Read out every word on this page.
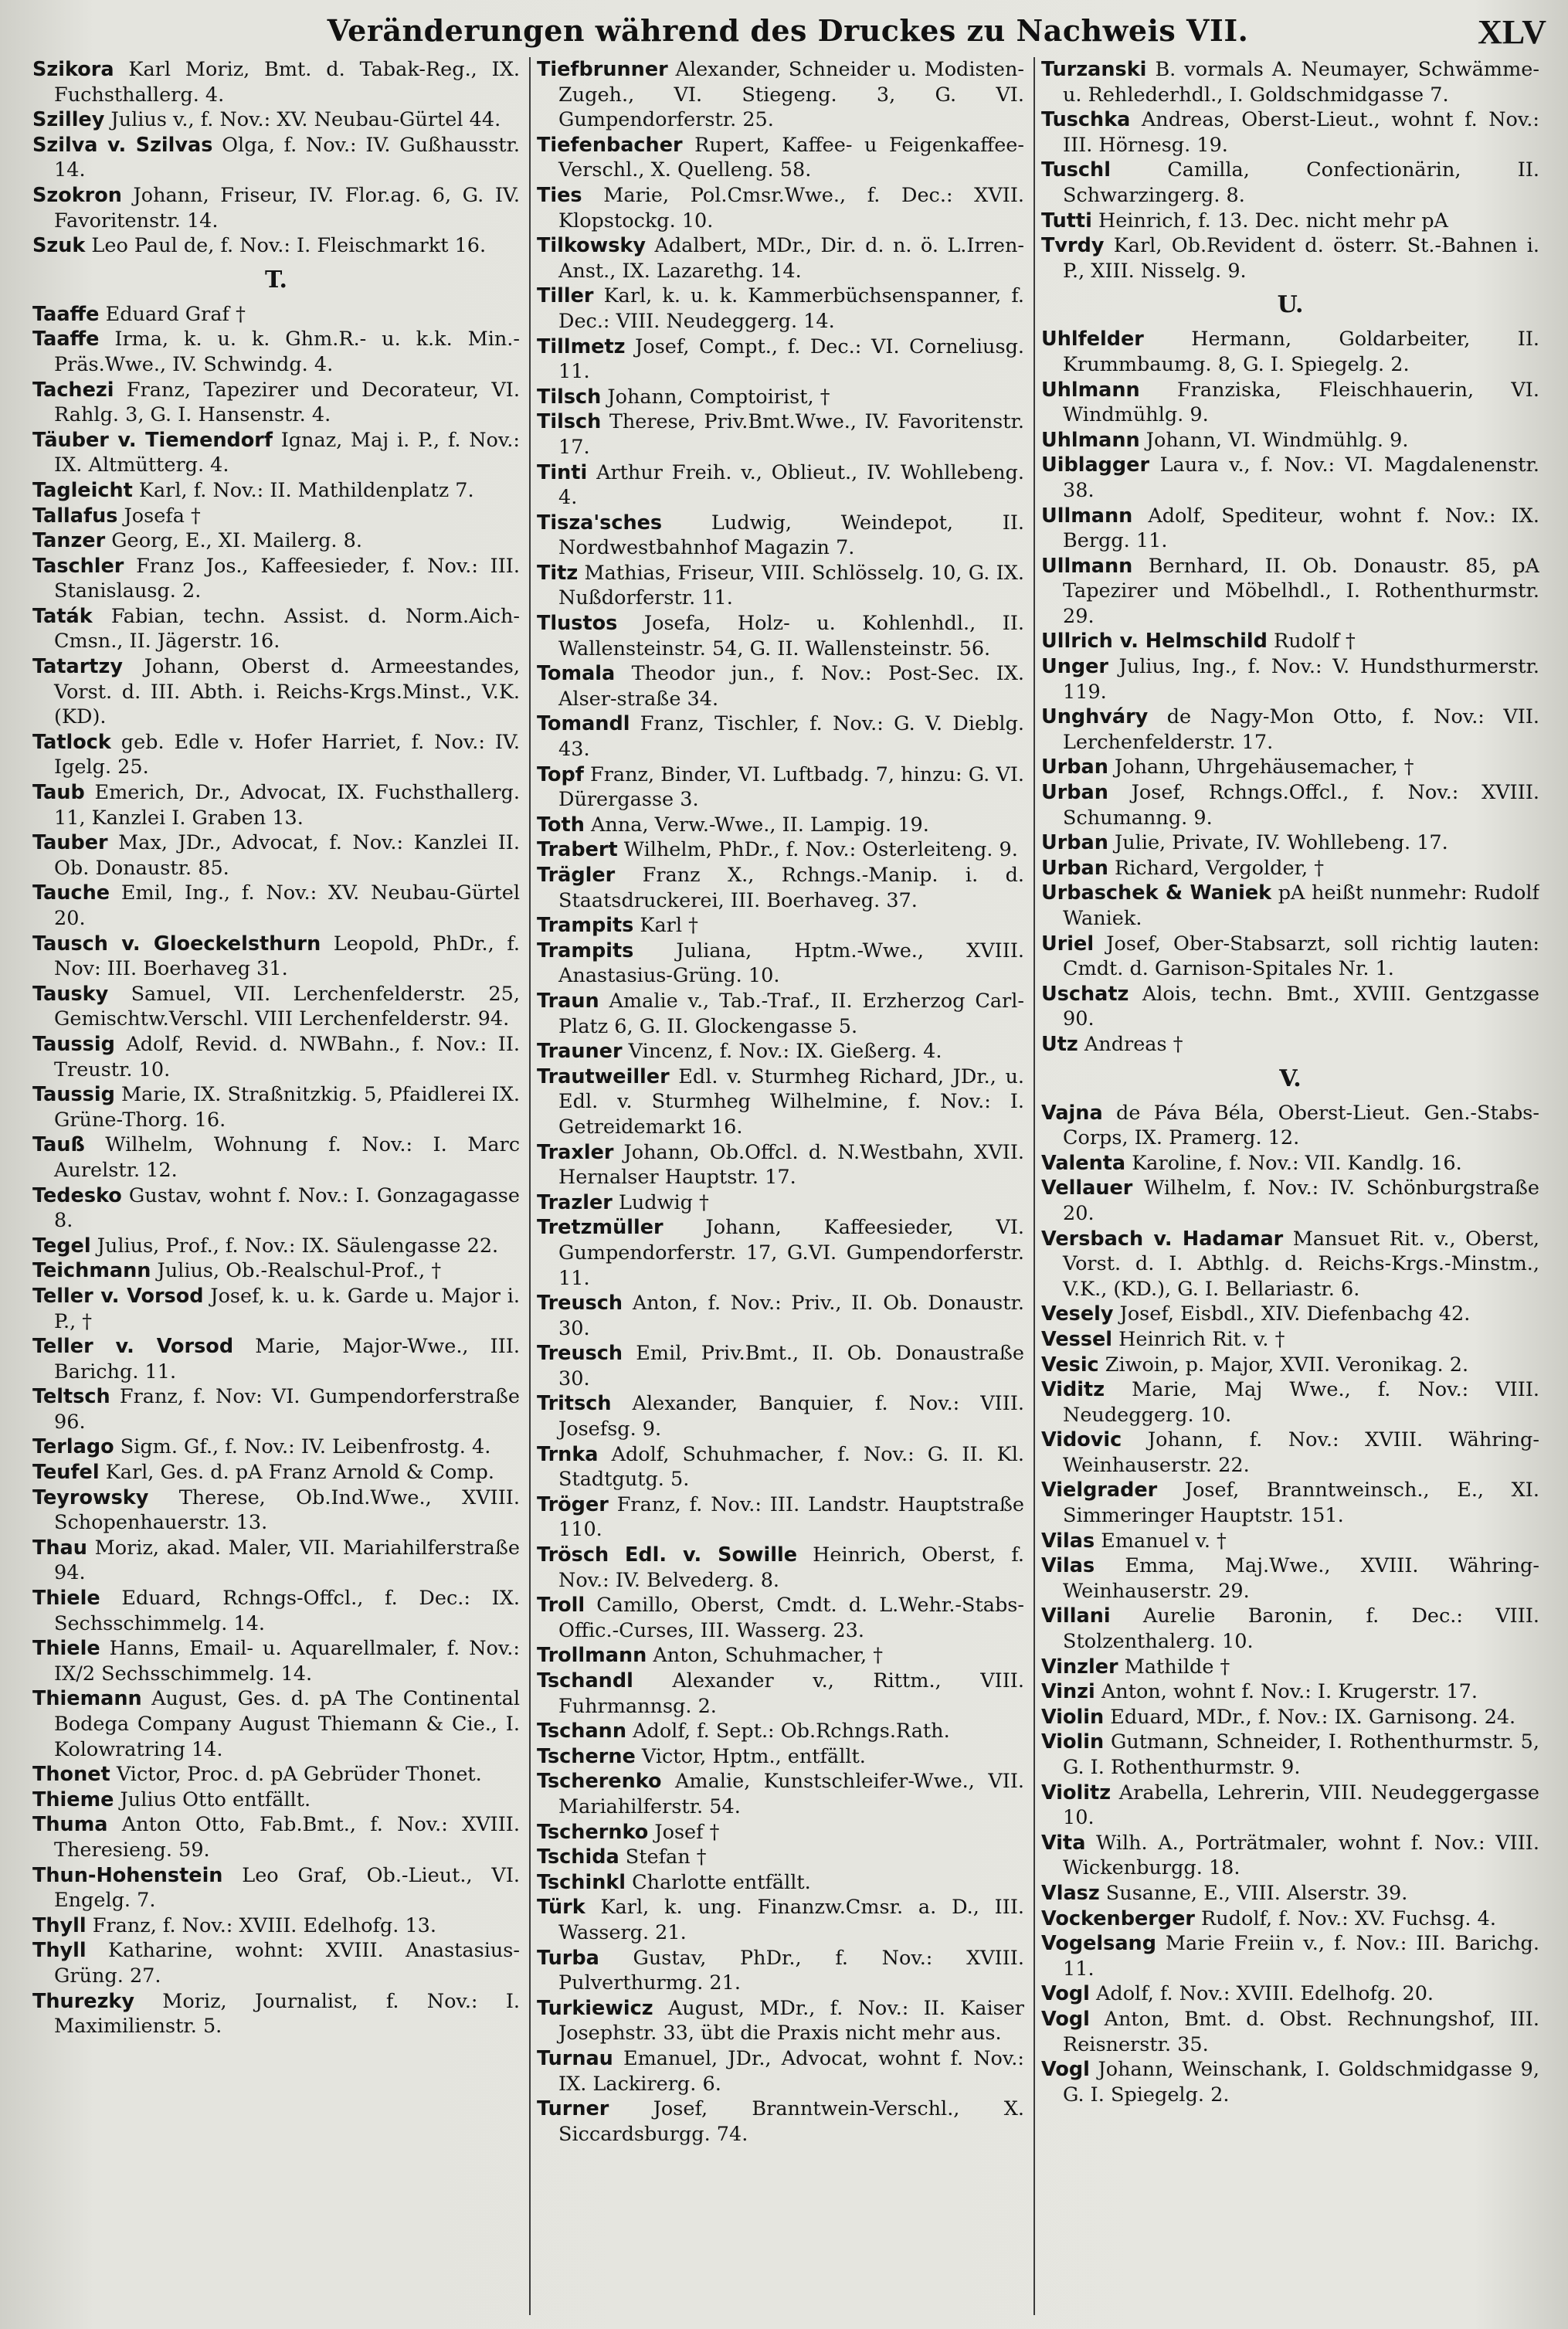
Veränderungen während des Druckes zu Nachweis VII.	XLV
Szikora Karl Moriz, Bmt. d. Tabak-Reg., IX. Fuchsthallerg. 4.
Szilley Julius v., f. Nov.: XV. Neubau-Gürtel 44.
Szilva v. Szilvas Olga, f. Nov.: IV. Gußhausstr. 14.
Szokron Johann, Friseur, IV. Flor.ag. 6, G. IV. Favoritenstr. 14.
Szuk Leo Paul de, f. Nov.: I. Fleischmarkt 16.
T.
Taaffe Eduard Graf †
Taaffe Irma, k. u. k. Ghm.R.- u. k.k. Min.-Präs.Wwe., IV. Schwindg. 4.
Tachezi Franz, Tapezirer und Decorateur, VI. Rahlg. 3, G. I. Hansenstr. 4.
Täuber v. Tiemendorf Ignaz, Maj i. P., f. Nov.: IX. Altmütterg. 4.
Tagleicht Karl, f. Nov.: II. Mathildenplatz 7.
Tallafus Josefa †
Tanzer Georg, E., XI. Mailerg. 8.
Taschler Franz Jos., Kaffeesieder, f. Nov.: III. Stanislausg. 2.
Taták Fabian, techn. Assist. d. Norm.Aich-Cmsn., II. Jägerstr. 16.
Tatartzy Johann, Oberst d. Armeestandes, Vorst. d. III. Abth. i. Reichs-Krgs.Minst., V.K. (KD).
Tatlock geb. Edle v. Hofer Harriet, f. Nov.: IV. Igelg. 25.
Taub Emerich, Dr., Advocat, IX. Fuchsthallerg. 11, Kanzlei I. Graben 13.
Tauber Max, JDr., Advocat, f. Nov.: Kanzlei II. Ob. Donaustr. 85.
Tauche Emil, Ing., f. Nov.: XV. Neubau-Gürtel 20.
Tausch v. Gloeckelsthurn Leopold, PhDr., f. Nov: III. Boerhaveg 31.
Tausky Samuel, VII. Lerchenfelderstr. 25, Gemischtw.Verschl. VIII Lerchenfelderstr. 94.
Taussig Adolf, Revid. d. NWBahn., f. Nov.: II. Treustr. 10.
Taussig Marie, IX. Straßnitzkig. 5, Pfaidlerei IX. Grüne-Thorg. 16.
Tauß Wilhelm, Wohnung f. Nov.: I. Marc Aurelstr. 12.
Tedesko Gustav, wohnt f. Nov.: I. Gonzagagasse 8.
Tegel Julius, Prof., f. Nov.: IX. Säulengasse 22.
Teichmann Julius, Ob.-Realschul-Prof., †
Teller v. Vorsod Josef, k. u. k. Garde u. Major i. P., †
Teller v. Vorsod Marie, Major-Wwe., III. Barichg. 11.
Teltsch Franz, f. Nov: VI. Gumpendorferstraße 96.
Terlago Sigm. Gf., f. Nov.: IV. Leibenfrostg. 4.
Teufel Karl, Ges. d. pA Franz Arnold & Comp.
Teyrowsky Therese, Ob.Ind.Wwe., XVIII. Schopenhauerstr. 13.
Thau Moriz, akad. Maler, VII. Mariahilferstraße 94.
Thiele Eduard, Rchngs-Offcl., f. Dec.: IX. Sechsschimmelg. 14.
Thiele Hanns, Email- u. Aquarellmaler, f. Nov.: IX/2 Sechsschimmelg. 14.
Thiemann August, Ges. d. pA The Continental Bodega Company August Thiemann & Cie., I. Kolowratring 14.
Thonet Victor, Proc. d. pA Gebrüder Thonet.
Thieme Julius Otto entfällt.
Thuma Anton Otto, Fab.Bmt., f. Nov.: XVIII. Theresieng. 59.
Thun-Hohenstein Leo Graf, Ob.-Lieut., VI. Engelg. 7.
Thyll Franz, f. Nov.: XVIII. Edelhofg. 13.
Thyll Katharine, wohnt: XVIII. Anastasius-Grüng. 27.
Thurezky Moriz, Journalist, f. Nov.: I. Maximilienstr. 5.
Tiefbrunner Alexander, Schneider u. Modisten-Zugeh., VI. Stiegeng. 3, G. VI. Gumpendorferstr. 25.
Tiefenbacher Rupert, Kaffee- u Feigenkaffee-Verschl., X. Quelleng. 58.
Ties Marie, Pol.Cmsr.Wwe., f. Dec.: XVII. Klopstockg. 10.
Tilkowsky Adalbert, MDr., Dir. d. n. ö. L.Irren-Anst., IX. Lazarethg. 14.
Tiller Karl, k. u. k. Kammerbüchsenspanner, f. Dec.: VIII. Neudeggerg. 14.
Tillmetz Josef, Compt., f. Dec.: VI. Corneliusg. 11.
Tilsch Johann, Comptoirist, †
Tilsch Therese, Priv.Bmt.Wwe., IV. Favoritenstr. 17.
Tinti Arthur Freih. v., Oblieut., IV. Wohllebeng. 4.
Tisza'sches Ludwig, Weindepot, II. Nordwestbahnhof Magazin 7.
Titz Mathias, Friseur, VIII. Schlösselg. 10, G. IX. Nußdorferstr. 11.
Tlustos Josefa, Holz- u. Kohlenhdl., II. Wallensteinstr. 54, G. II. Wallensteinstr. 56.
Tomala Theodor jun., f. Nov.: Post-Sec. IX. Alser-straße 34.
Tomandl Franz, Tischler, f. Nov.: G. V. Dieblg. 43.
Topf Franz, Binder, VI. Luftbadg. 7, hinzu: G. VI. Dürergasse 3.
Toth Anna, Verw.-Wwe., II. Lampig. 19.
Trabert Wilhelm, PhDr., f. Nov.: Osterleiteng. 9.
Trägler Franz X., Rchngs.-Manip. i. d. Staatsdruckerei, III. Boerhaveg. 37.
Trampits Karl †
Trampits Juliana, Hptm.-Wwe., XVIII. Anastasius-Grüng. 10.
Traun Amalie v., Tab.-Traf., II. Erzherzog Carl-Platz 6, G. II. Glockengasse 5.
Trauner Vincenz, f. Nov.: IX. Gießerg. 4.
Trautweiller Edl. v. Sturmheg Richard, JDr., u. Edl. v. Sturmheg Wilhelmine, f. Nov.: I. Getreidemarkt 16.
Traxler Johann, Ob.Offcl. d. N.Westbahn, XVII. Hernalser Hauptstr. 17.
Trazler Ludwig †
Tretzmüller Johann, Kaffeesieder, VI. Gumpendorferstr. 17, G.VI. Gumpendorferstr. 11.
Treusch Anton, f. Nov.: Priv., II. Ob. Donaustr. 30.
Treusch Emil, Priv.Bmt., II. Ob. Donaustraße 30.
Tritsch Alexander, Banquier, f. Nov.: VIII. Josefsg. 9.
Trnka Adolf, Schuhmacher, f. Nov.: G. II. Kl. Stadtgutg. 5.
Tröger Franz, f. Nov.: III. Landstr. Hauptstraße 110.
Trösch Edl. v. Sowille Heinrich, Oberst, f. Nov.: IV. Belvederg. 8.
Troll Camillo, Oberst, Cmdt. d. L.Wehr.-Stabs-Offic.-Curses, III. Wasserg. 23.
Trollmann Anton, Schuhmacher, †
Tschandl Alexander v., Rittm., VIII. Fuhrmannsg. 2.
Tschann Adolf, f. Sept.: Ob.Rchngs.Rath.
Tscherne Victor, Hptm., entfällt.
Tscherenko Amalie, Kunstschleifer-Wwe., VII. Mariahilferstr. 54.
Tschernko Josef †
Tschida Stefan †
Tschinkl Charlotte entfällt.
Türk Karl, k. ung. Finanzw.Cmsr. a. D., III. Wasserg. 21.
Turba Gustav, PhDr., f. Nov.: XVIII. Pulverthurmg. 21.
Turkiewicz August, MDr., f. Nov.: II. Kaiser Josephstr. 33, übt die Praxis nicht mehr aus.
Turnau Emanuel, JDr., Advocat, wohnt f. Nov.: IX. Lackirerg. 6.
Turner Josef, Branntwein-Verschl., X. Siccardsburgg. 74.
Turzanski B. vormals A. Neumayer, Schwämme- u. Rehlederhdl., I. Goldschmidgasse 7.
Tuschka Andreas, Oberst-Lieut., wohnt f. Nov.: III. Hörnesg. 19.
Tuschl Camilla, Confectionärin, II. Schwarzingerg. 8.
Tutti Heinrich, f. 13. Dec. nicht mehr pA
Tvrdy Karl, Ob.Revident d. österr. St.-Bahnen i. P., XIII. Nisselg. 9.
U.
Uhlfelder Hermann, Goldarbeiter, II. Krummbaumg. 8, G. I. Spiegelg. 2.
Uhlmann Franziska, Fleischhauerin, VI. Windmühlg. 9.
Uhlmann Johann, VI. Windmühlg. 9.
Uiblagger Laura v., f. Nov.: VI. Magdalenenstr. 38.
Ullmann Adolf, Spediteur, wohnt f. Nov.: IX. Bergg. 11.
Ullmann Bernhard, II. Ob. Donaustr. 85, pA Tapezirer und Möbelhdl., I. Rothenthurmstr. 29.
Ullrich v. Helmschild Rudolf †
Unger Julius, Ing., f. Nov.: V. Hundsthurmerstr. 119.
Unghváry de Nagy-Mon Otto, f. Nov.: VII. Lerchenfelderstr. 17.
Urban Johann, Uhrgehäusemacher, †
Urban Josef, Rchngs.Offcl., f. Nov.: XVIII. Schumanng. 9.
Urban Julie, Private, IV. Wohllebeng. 17.
Urban Richard, Vergolder, †
Urbaschek & Waniek pA heißt nunmehr: Rudolf Waniek.
Uriel Josef, Ober-Stabsarzt, soll richtig lauten: Cmdt. d. Garnison-Spitales Nr. 1.
Uschatz Alois, techn. Bmt., XVIII. Gentzgasse 90.
Utz Andreas †
V.
Vajna de Páva Béla, Oberst-Lieut. Gen.-Stabs-Corps, IX. Pramerg. 12.
Valenta Karoline, f. Nov.: VII. Kandlg. 16.
Vellauer Wilhelm, f. Nov.: IV. Schönburgstraße 20.
Versbach v. Hadamar Mansuet Rit. v., Oberst, Vorst. d. I. Abthlg. d. Reichs-Krgs.-Minstm., V.K., (KD.), G. I. Bellariastr. 6.
Vesely Josef, Eisbdl., XIV. Diefenbachg 42.
Vessel Heinrich Rit. v. †
Vesic Ziwoin, p. Major, XVII. Veronikag. 2.
Viditz Marie, Maj Wwe., f. Nov.: VIII. Neudeggerg. 10.
Vidovic Johann, f. Nov.: XVIII. Währing-Weinhauserstr. 22.
Vielgrader Josef, Branntweinsch., E., XI. Simmeringer Hauptstr. 151.
Vilas Emanuel v. †
Vilas Emma, Maj.Wwe., XVIII. Währing-Weinhauserstr. 29.
Villani Aurelie Baronin, f. Dec.: VIII. Stolzenthalerg. 10.
Vinzler Mathilde †
Vinzi Anton, wohnt f. Nov.: I. Krugerstr. 17.
Violin Eduard, MDr., f. Nov.: IX. Garnisong. 24.
Violin Gutmann, Schneider, I. Rothenthurmstr. 5, G. I. Rothenthurmstr. 9.
Violitz Arabella, Lehrerin, VIII. Neudeggergasse 10.
Vita Wilh. A., Porträtmaler, wohnt f. Nov.: VIII. Wickenburgg. 18.
Vlasz Susanne, E., VIII. Alserstr. 39.
Vockenberger Rudolf, f. Nov.: XV. Fuchsg. 4.
Vogelsang Marie Freiin v., f. Nov.: III. Barichg. 11.
Vogl Adolf, f. Nov.: XVIII. Edelhofg. 20.
Vogl Anton, Bmt. d. Obst. Rechnungshof, III. Reisnerstr. 35.
Vogl Johann, Weinschank, I. Goldschmidgasse 9, G. I. Spiegelg. 2.
